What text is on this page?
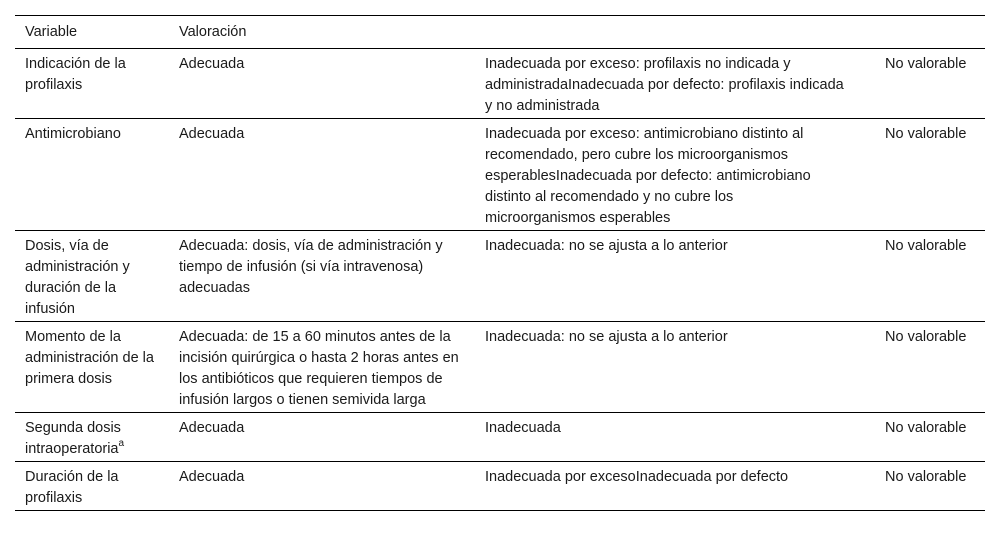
Variable	Valoración		
Indicación de la profilaxis	Adecuada	Inadecuada por exceso: profilaxis no indicada y administradaInadecuada por defecto: profilaxis indicada y no administrada	No valorable
Antimicrobiano	Adecuada	Inadecuada por exceso: antimicrobiano distinto al recomendado, pero cubre los microorganismos esperablesInadecuada por defecto: antimicrobiano distinto al recomendado y no cubre los microorganismos esperables	No valorable
Dosis, vía de administración y duración de la infusión	Adecuada: dosis, vía de administración y tiempo de infusión (si vía intravenosa) adecuadas	Inadecuada: no se ajusta a lo anterior	No valorable
Momento de la administración de la primera dosis	Adecuada: de 15 a 60 minutos antes de la incisión quirúrgica o hasta 2 horas antes en los antibióticos que requieren tiempos de infusión largos o tienen semivida larga	Inadecuada: no se ajusta a lo anterior	No valorable
Segunda dosis intraoperatoria$^a$	Adecuada	Inadecuada	No valorable
Duración de la profilaxis	Adecuada	Inadecuada por excesoInadecuada por defecto	No valorable
